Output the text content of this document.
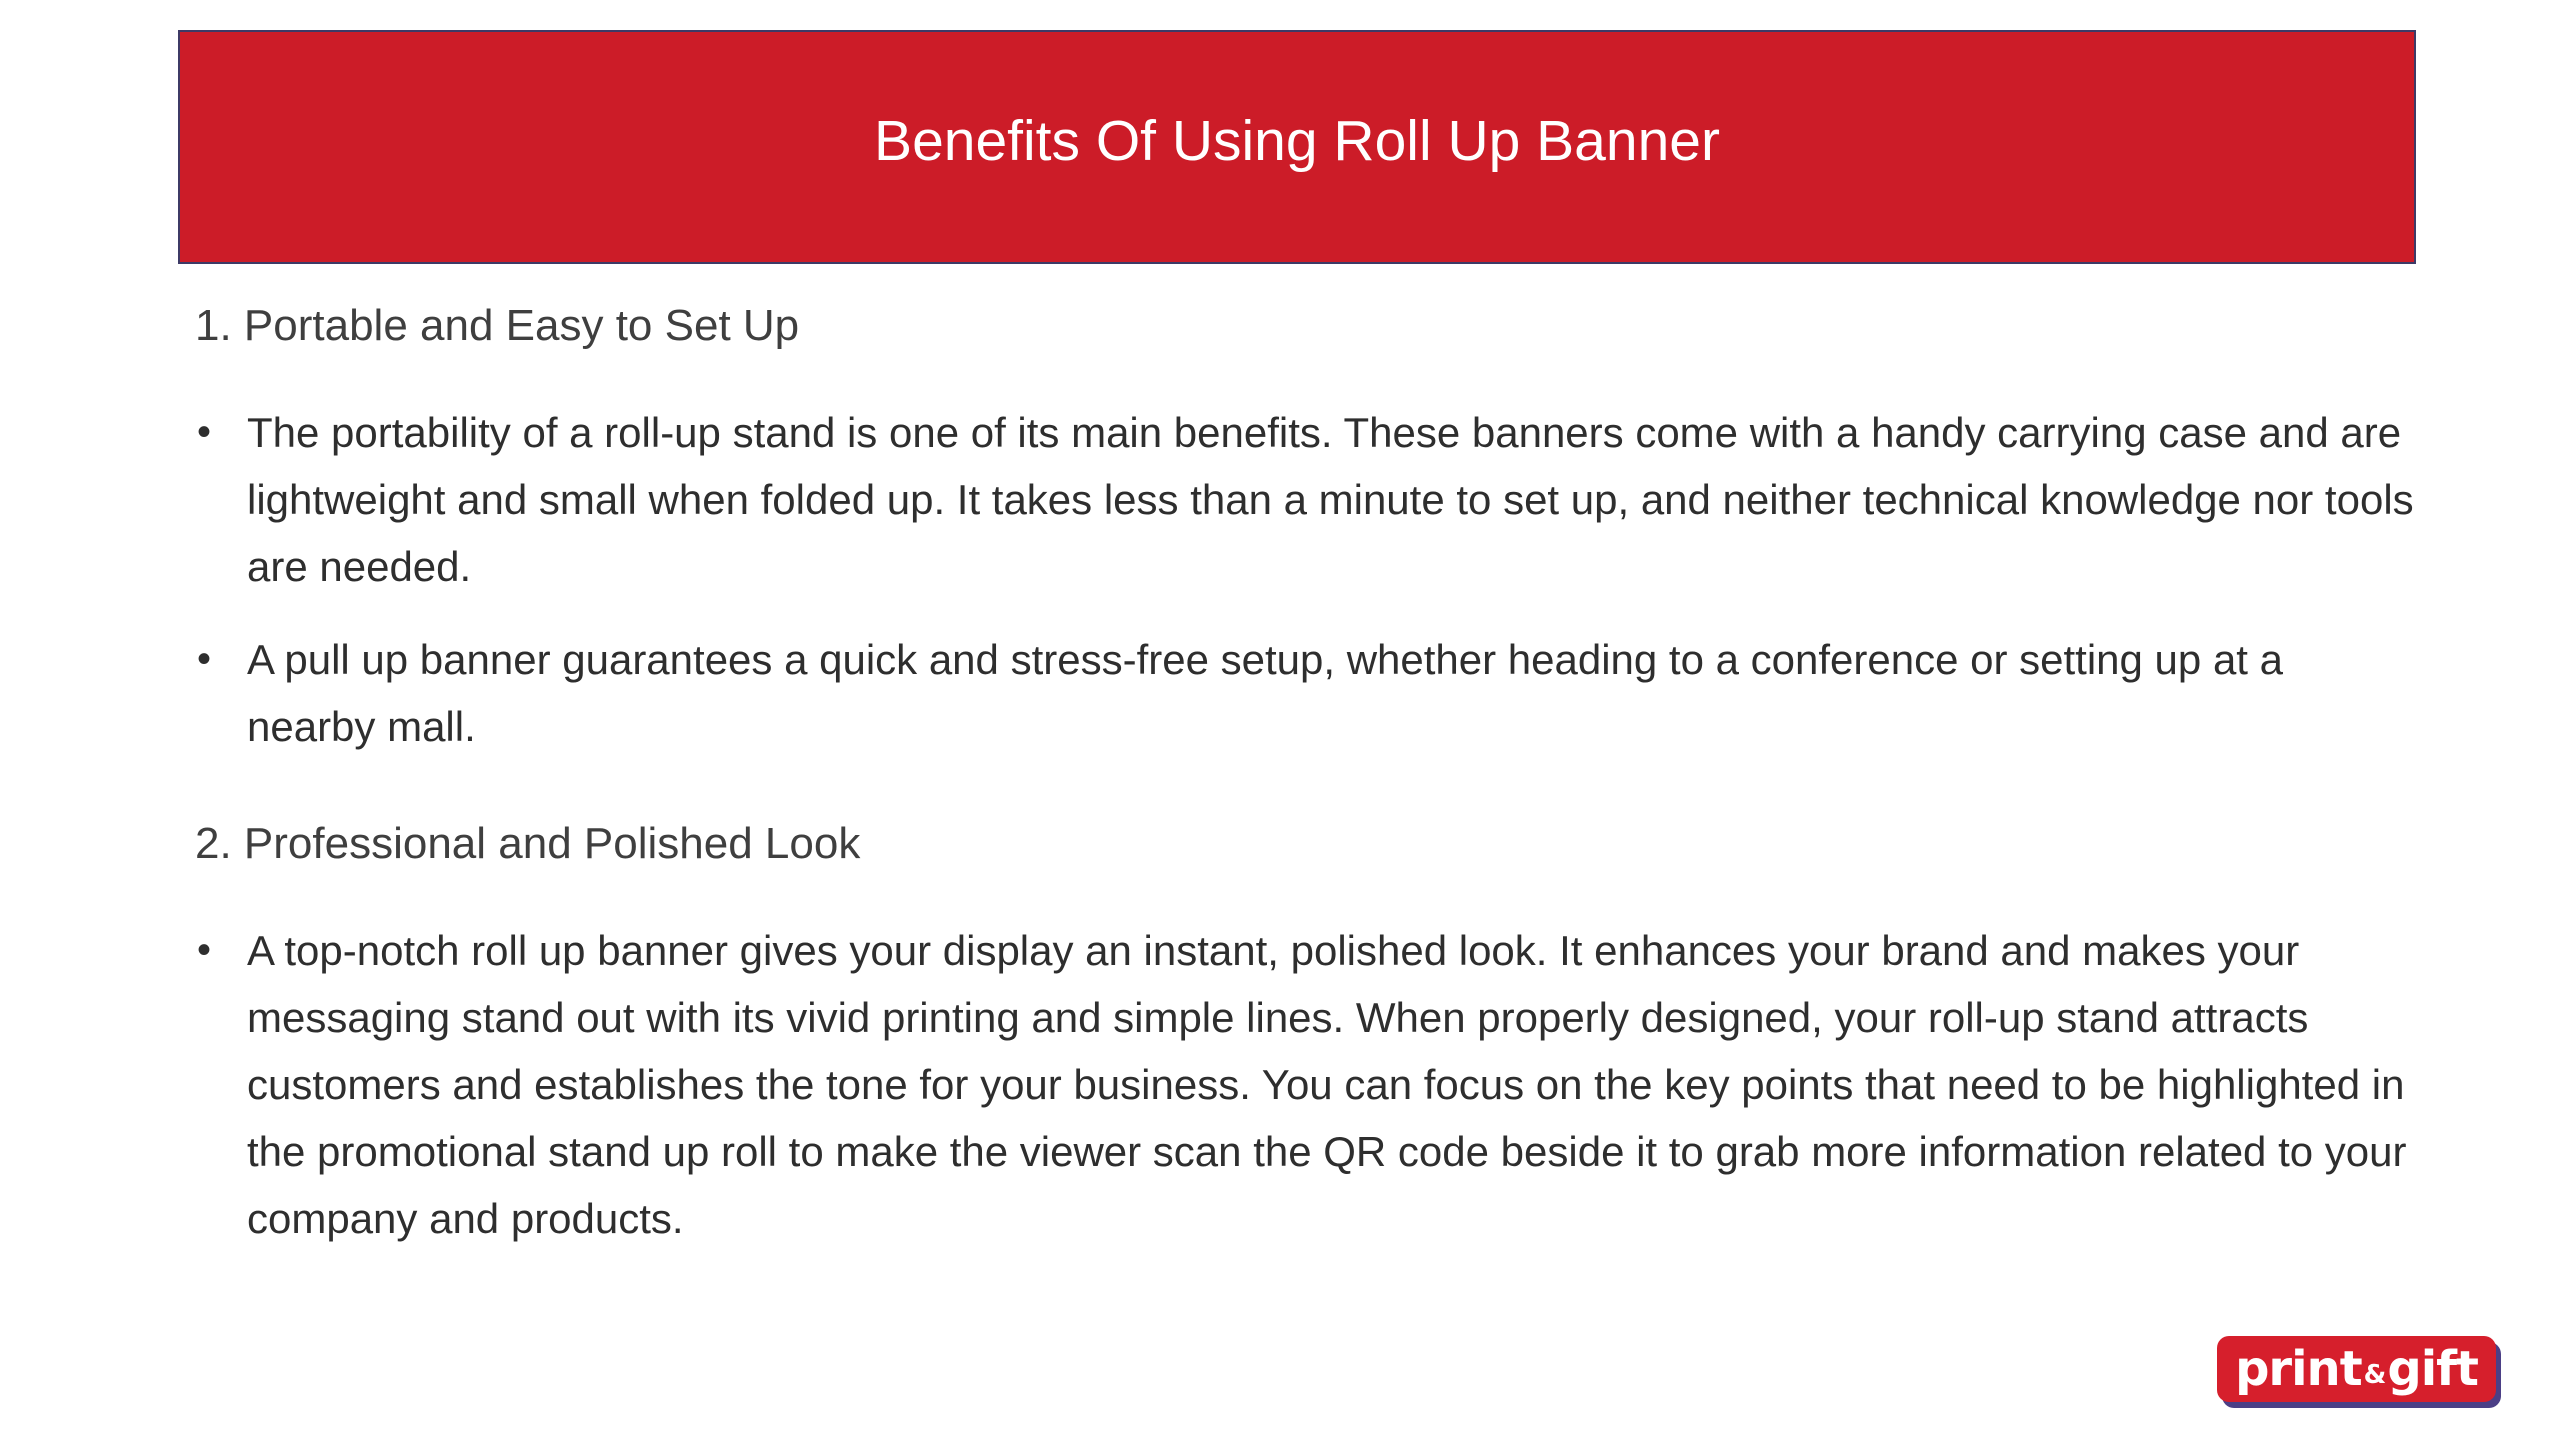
Benefits Of Using Roll Up Banner

1. Portable and Easy to Set Up

• The portability of a roll-up stand is one of its main benefits. These banners come with a handy carrying case and are lightweight and small when folded up. It takes less than a minute to set up, and neither technical knowledge nor tools are needed.
• A pull up banner guarantees a quick and stress-free setup, whether heading to a conference or setting up at a nearby mall.

2. Professional and Polished Look

• A top-notch roll up banner gives your display an instant, polished look. It enhances your brand and makes your messaging stand out with its vivid printing and simple lines. When properly designed, your roll-up stand attracts customers and establishes the tone for your business. You can focus on the key points that need to be highlighted in the promotional stand up roll to make the viewer scan the QR code beside it to grab more information related to your company and products.
print & gift
